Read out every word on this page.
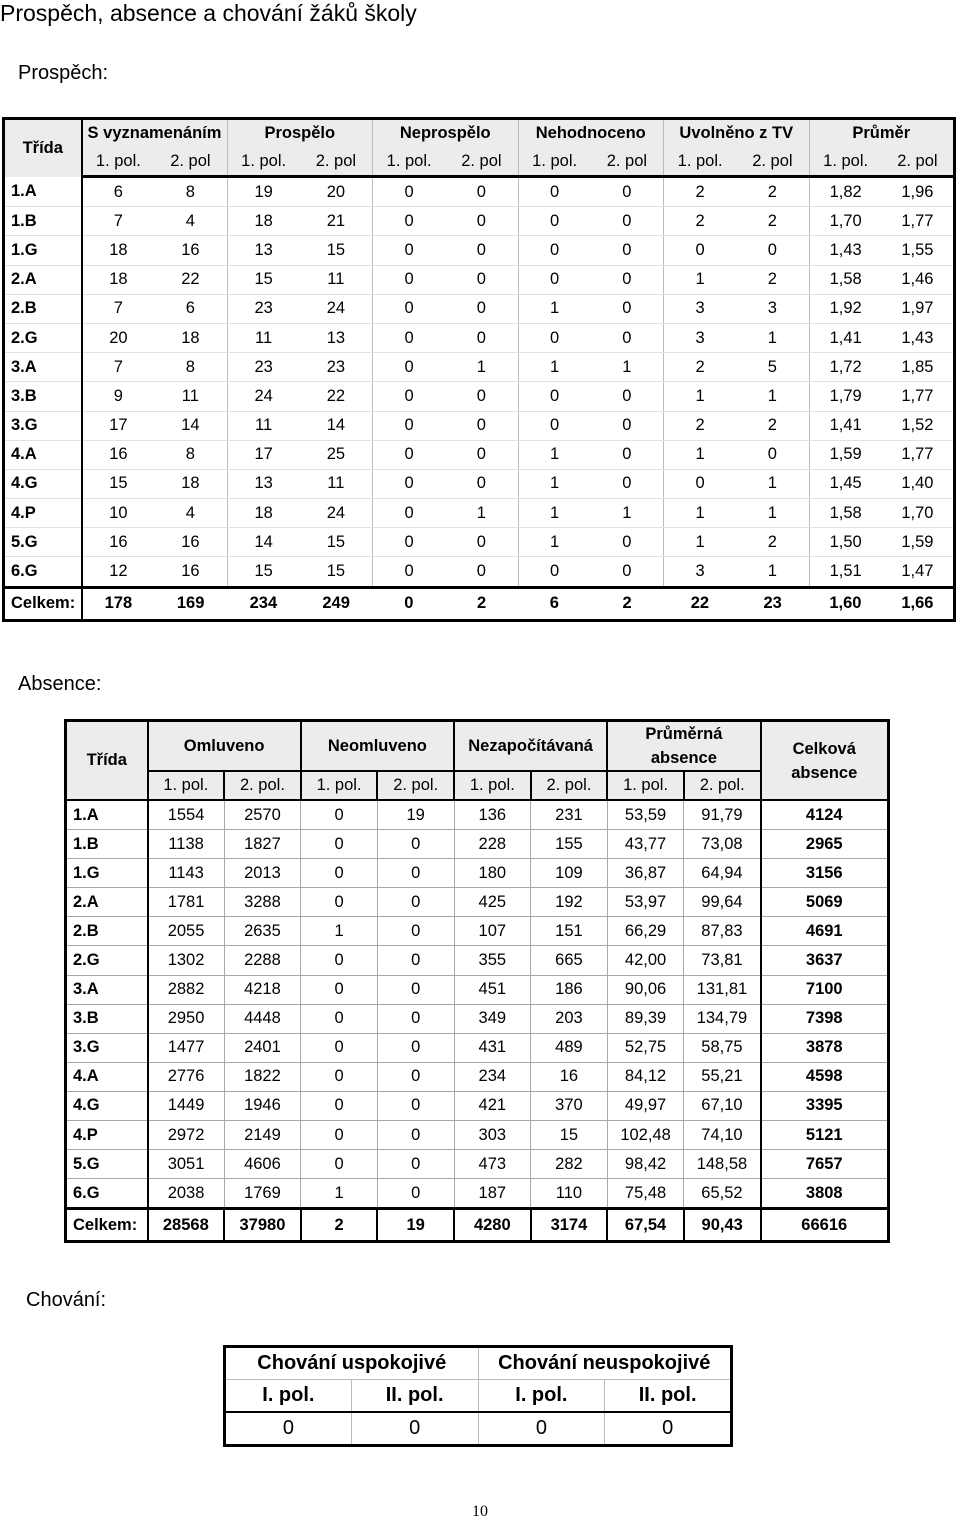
Prospěch, absence a chování žáků školy
Prospěch:
Třída	S vyznamenáním		Prospělo		Neprospělo		Nehodnoceno		Uvolněno z TV		Průměr	
	1. pol.	2. pol	1. pol.	2. pol	1. pol.	2. pol	1. pol.	2. pol	1. pol.	2. pol	1. pol.	2. pol
1.A	6	8	19	20	0	0	0	0	2	2	1,82	1,96
1.B	7	4	18	21	0	0	0	0	2	2	1,70	1,77
1.G	18	16	13	15	0	0	0	0	0	0	1,43	1,55
2.A	18	22	15	11	0	0	0	0	1	2	1,58	1,46
2.B	7	6	23	24	0	0	1	0	3	3	1,92	1,97
2.G	20	18	11	13	0	0	0	0	3	1	1,41	1,43
3.A	7	8	23	23	0	1	1	1	2	5	1,72	1,85
3.B	9	11	24	22	0	0	0	0	1	1	1,79	1,77
3.G	17	14	11	14	0	0	0	0	2	2	1,41	1,52
4.A	16	8	17	25	0	0	1	0	1	0	1,59	1,77
4.G	15	18	13	11	0	0	1	0	0	1	1,45	1,40
4.P	10	4	18	24	0	1	1	1	1	1	1,58	1,70
5.G	16	16	14	15	0	0	1	0	1	2	1,50	1,59
6.G	12	16	15	15	0	0	0	0	3	1	1,51	1,47
Celkem:	178	169	234	249	0	2	6	2	22	23	1,60	1,66
Absence:
Třída	Omluveno		Neomluveno		Nezapočítávaná		Průměrná absence		Celková absence
	1. pol.	2. pol.	1. pol.	2. pol.	1. pol.	2. pol.	1. pol.	2. pol.	
1.A	1554	2570	0	19	136	231	53,59	91,79	4124
1.B	1138	1827	0	0	228	155	43,77	73,08	2965
1.G	1143	2013	0	0	180	109	36,87	64,94	3156
2.A	1781	3288	0	0	425	192	53,97	99,64	5069
2.B	2055	2635	1	0	107	151	66,29	87,83	4691
2.G	1302	2288	0	0	355	665	42,00	73,81	3637
3.A	2882	4218	0	0	451	186	90,06	131,81	7100
3.B	2950	4448	0	0	349	203	89,39	134,79	7398
3.G	1477	2401	0	0	431	489	52,75	58,75	3878
4.A	2776	1822	0	0	234	16	84,12	55,21	4598
4.G	1449	1946	0	0	421	370	49,97	67,10	3395
4.P	2972	2149	0	0	303	15	102,48	74,10	5121
5.G	3051	4606	0	0	473	282	98,42	148,58	7657
6.G	2038	1769	1	0	187	110	75,48	65,52	3808
Celkem:	28568	37980	2	19	4280	3174	67,54	90,43	66616
Chování:
Chování uspokojivé		Chování neuspokojivé	
I. pol.	II. pol.	I. pol.	II. pol.
0	0	0	0
10
